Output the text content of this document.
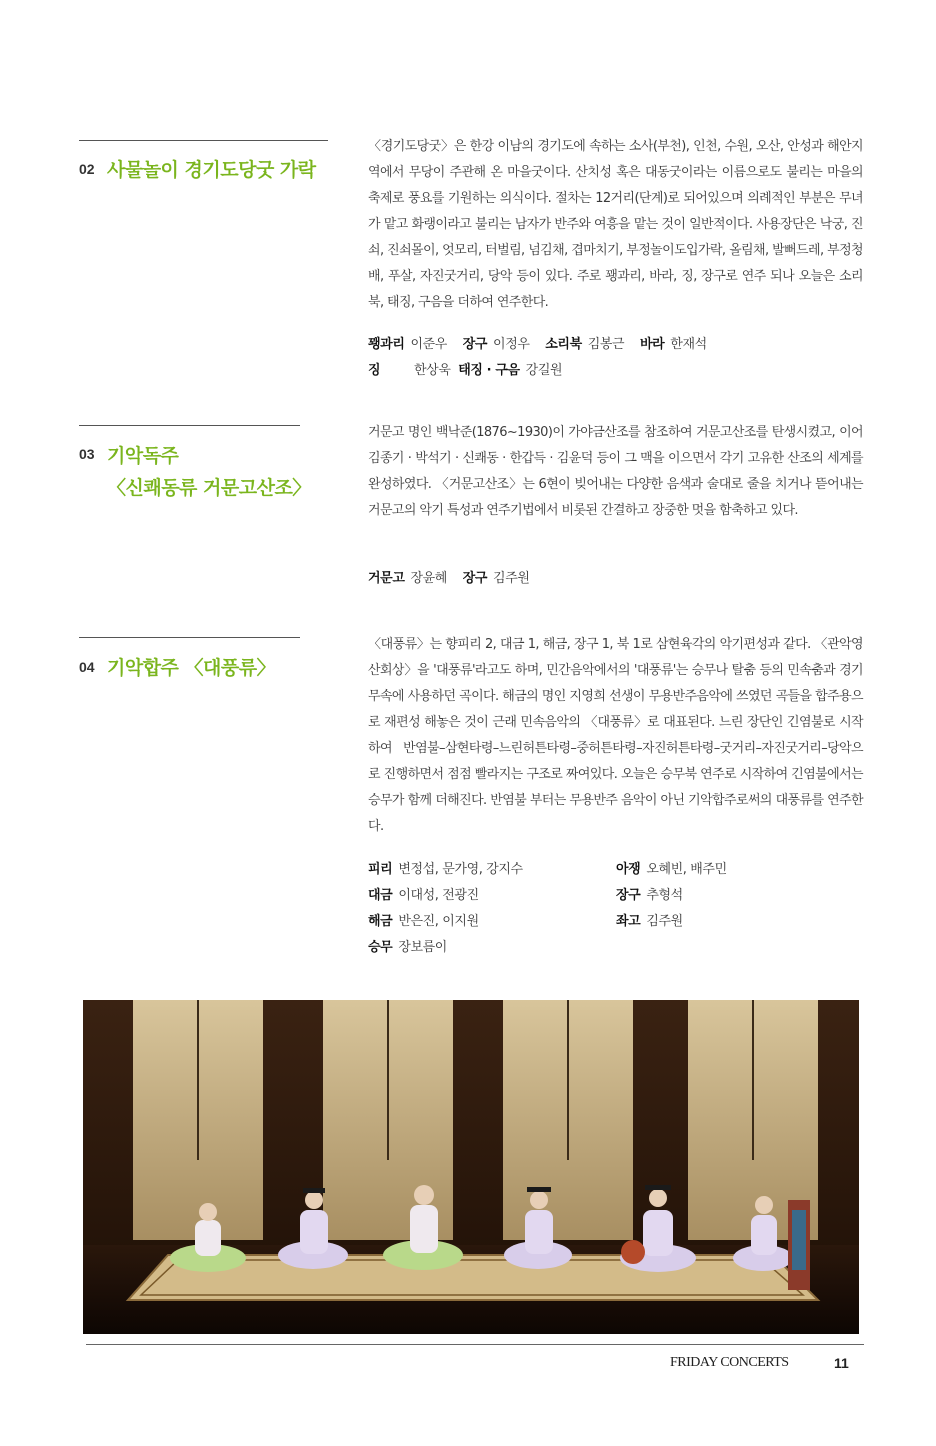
02 사물놀이 경기도당굿 가락

〈경기도당굿〉은 한강 이남의 경기도에 속하는 소사(부천), 인천, 수원, 오산, 안성과 해안지역에서 무당이 주관해 온 마을굿이다. 산치성 혹은 대동굿이라는 이름으로도 불리는 마을의 축제로 풍요를 기원하는 의식이다. 절차는 12거리(단계)로 되어있으며 의례적인 부분은 무녀가 맡고 화랭이라고 불리는 남자가 반주와 여흥을 맡는 것이 일반적이다. 사용장단은 낙궁, 진쇠, 진쇠몰이, 엇모리, 터벌림, 넘김채, 겹마치기, 부정놀이도입가락, 올림채, 발뻐드레, 부정청배, 푸살, 자진굿거리, 당악 등이 있다. 주로 꽹과리, 바라, 징, 장구로 연주 되나 오늘은 소리북, 태징, 구음을 더하여 연주한다.

꽹과리 이준우 장구 이정우 소리북 김봉근 바라 한재석
징	한상욱 태징 · 구음 강길원
03 기악독주
〈신쾌동류 거문고산조〉

거문고 명인 백낙준(1876~1930)이 가야금산조를 참조하여 거문고산조를 탄생시켰고, 이어 김종기 · 박석기 · 신쾌동 · 한갑득 · 김윤덕 등이 그 맥을 이으면서 각기 고유한 산조의 세계를 완성하였다. 〈거문고산조〉는 6현이 빚어내는 다양한 음색과 술대로 줄을 치거나 뜯어내는 거문고의 악기 특성과 연주기법에서 비롯된 간결하고 장중한 멋을 함축하고 있다.

거문고 장윤혜 장구 김주원
04 기악합주 〈대풍류〉

〈대풍류〉는 향피리 2, 대금 1, 해금, 장구 1, 북 1로 삼현육각의 악기편성과 같다. 〈관악영산회상〉을 '대풍류'라고도 하며, 민간음악에서의 '대풍류'는 승무나 탈춤 등의 민속춤과 경기무속에 사용하던 곡이다. 해금의 명인 지영희 선생이 무용반주음악에 쓰였던 곡들을 합주용으로 재편성 해놓은 것이 근래 민속음악의 〈대풍류〉로 대표된다. 느린 장단인 긴염불로 시작하여 반염불–삼현타령–느린허튼타령–중허튼타령–자진허튼타령–굿거리–자진굿거리–당악으로 진행하면서 점점 빨라지는 구조로 짜여있다. 오늘은 승무북 연주로 시작하여 긴염불에서는 승무가 함께 더해진다. 반염불 부터는 무용반주 음악이 아닌 기악합주로써의 대풍류를 연주한다.

피리 변정섭, 문가영, 강지수	아쟁 오혜빈, 배주민
대금 이대성, 전광진	장구 추형석
해금 반은진, 이지원	좌고 김주원
승무 장보름이
FRIDAY CONCERTS	11
